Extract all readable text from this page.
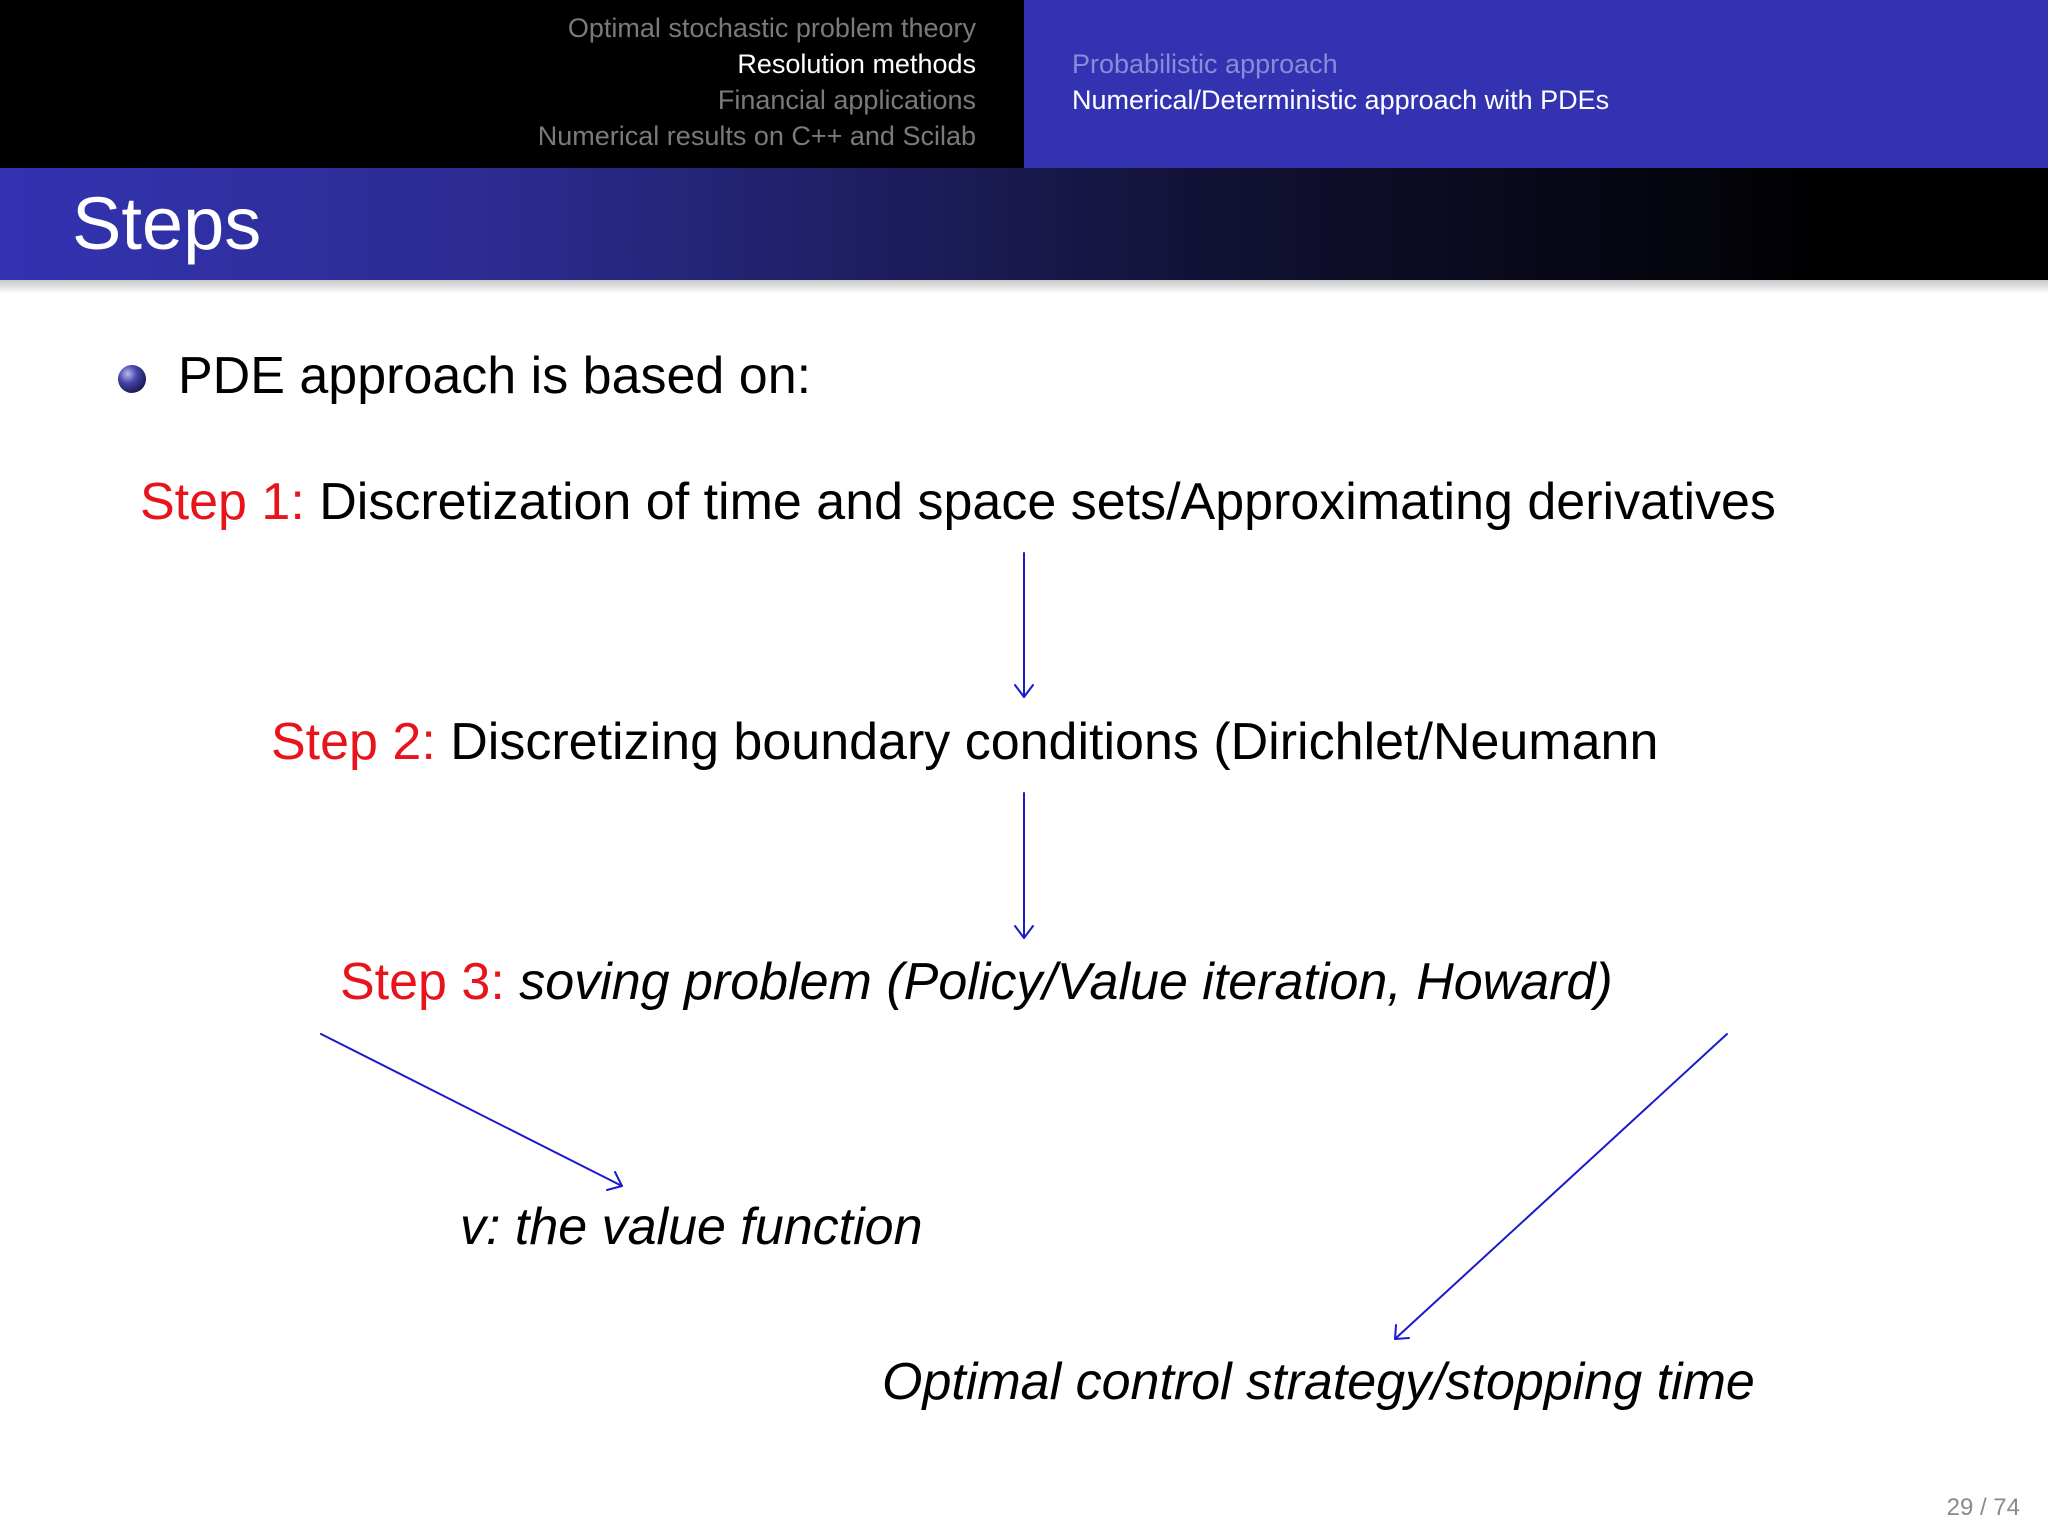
Optimal stochastic problem theory
Resolution methods
Financial applications
Numerical results on C++ and Scilab
Probabilistic approach
Numerical/Deterministic approach with PDEs
Steps
PDE approach is based on:
Step 1: Discretization of time and space sets/Approximating derivatives
Step 2: Discretizing boundary conditions (Dirichlet/Neumann
Step 3: soving problem (Policy/Value iteration, Howard)
v: the value function
Optimal control strategy/stopping time
29 / 74
